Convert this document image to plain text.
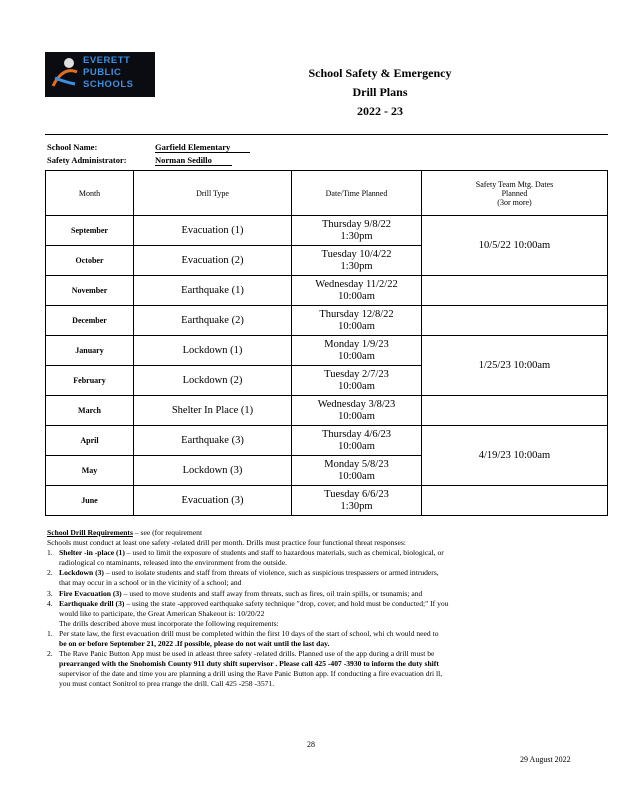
EVERETT
PUBLIC
SCHOOLS
School Safety & Emergency
Drill Plans
2022 - 23
School Name:	Garfield Elementary
Safety Administrator:	Norman Sedillo
Month	Drill Type	Date/Time Planned	Safety Team Mtg. Dates
Planned
(3or more)

September	Evacuation (1)	Thursday 9/8/22
1:30pm	10/5/22 10:00am
October	Evacuation (2)	Tuesday 10/4/22
1:30pm	

November	Earthquake (1)	Wednesday 11/2/22
10:00am	

December	Earthquake (2)	Thursday 12/8/22
10:00am	

January	Lockdown (1)	Monday 1/9/23
10:00am	1/25/23 10:00am
February	Lockdown (2)	Tuesday 2/7/23
10:00am	

March	Shelter In Place (1)	Wednesday 3/8/23
10:00am	

April	Earthquake (3)	Thursday 4/6/23
10:00am	4/19/23 10:00am
May	Lockdown (3)	Monday 5/8/23
10:00am	

June	Evacuation (3)	Tuesday 6/6/23
1:30pm	

School Drill Requirements – see (for requirement
Schools must conduct at least one safety -related drill per month. Drills must practice four functional threat responses:
1. Shelter -in -place (1) – used to limit the exposure of students and staff to hazardous materials, such as chemical, biological, or
radiological co ntaminants, released into the environment from the outside.
2. Lockdown (3) – used to isolate students and staff from threats of violence, such as suspicious trespassers or armed intruders,
that may occur in a school or in the vicinity of a school; and
3. Fire Evacuation (3) – used to move students and staff away from threats, such as fires, oil train spills, or tsunamis; and
4. Earthquake drill (3) – using the state -approved earthquake safety technique "drop, cover, and hold must be conducted;" If you
would like to participate, the Great American Shakeout is: 10/20/22
The drills described above must incorporate the following requirements:
1. Per state law, the first evacuation drill must be completed within the first 10 days of the start of school, whi ch would need to
be on or before September 21, 2022 .If possible, please do not wait until the last day.
2. The Rave Panic Button App must be used in atleast three safety -related drills. Planned use of the app during a drill must be
prearranged with the Snohomish County 911 duty shift supervisor . Please call 425 -407 -3930 to inform the duty shift
supervisor of the date and time you are planning a drill using the Rave Panic Button app. If conducting a fire evacuation dri ll,
you must contact Sonitrol to prea rrange the drill. Call 425 -258 -3571.
28
29 August 2022
